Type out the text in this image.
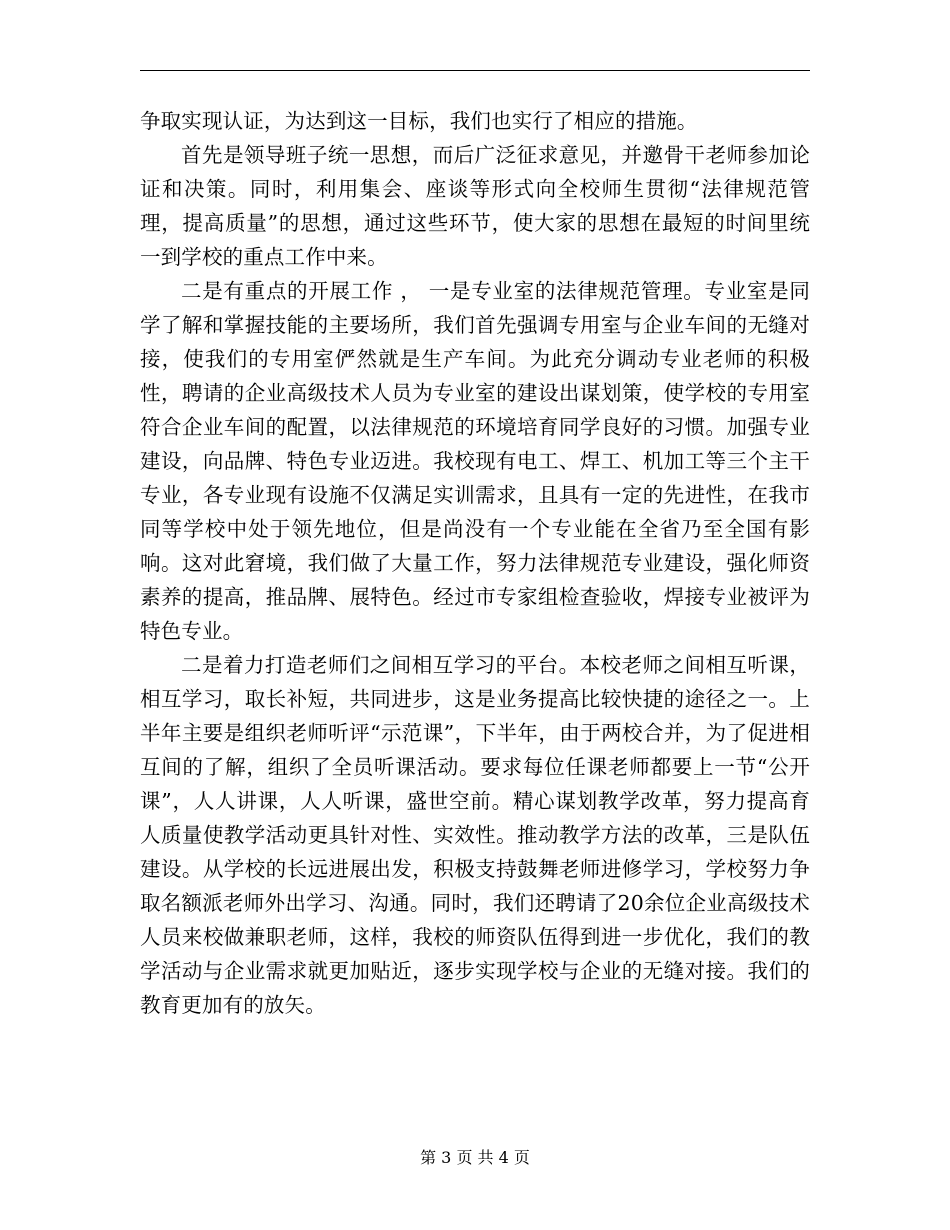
争取实现认证，为达到这一目标，我们也实行了相应的措施。

首先是领导班子统一思想，而后广泛征求意见，并邀骨干老师参加论证和决策。同时，利用集会、座谈等形式向全校师生贯彻“法律规范管理，提高质量”的思想，通过这些环节，使大家的思想在最短的时间里统一到学校的重点工作中来。

二是有重点的开展工作 ， 一是专业室的法律规范管理。专业室是同学了解和掌握技能的主要场所，我们首先强调专用室与企业车间的无缝对接，使我们的专用室俨然就是生产车间。为此充分调动专业老师的积极性，聘请的企业高级技术人员为专业室的建设出谋划策，使学校的专用室符合企业车间的配置，以法律规范的环境培育同学良好的习惯。加强专业建设，向品牌、特色专业迈进。我校现有电工、焊工、机加工等三个主干专业，各专业现有设施不仅满足实训需求，且具有一定的先进性，在我市同等学校中处于领先地位，但是尚没有一个专业能在全省乃至全国有影响。这对此窘境，我们做了大量工作，努力法律规范专业建设，强化师资素养的提高，推品牌、展特色。经过市专家组检查验收，焊接专业被评为特色专业。

二是着力打造老师们之间相互学习的平台。本校老师之间相互听课，相互学习，取长补短，共同进步，这是业务提高比较快捷的途径之一。上半年主要是组织老师听评“示范课”，下半年，由于两校合并，为了促进相互间的了解，组织了全员听课活动。要求每位任课老师都要上一节“公开课”，人人讲课，人人听课，盛世空前。精心谋划教学改革，努力提高育人质量使教学活动更具针对性、实效性。推动教学方法的改革，三是队伍建设。从学校的长远进展出发，积极支持鼓舞老师进修学习，学校努力争取名额派老师外出学习、沟通。同时，我们还聘请了20余位企业高级技术人员来校做兼职老师，这样，我校的师资队伍得到进一步优化，我们的教学活动与企业需求就更加贴近，逐步实现学校与企业的无缝对接。我们的教育更加有的放矢。

第 3 页 共 4 页
